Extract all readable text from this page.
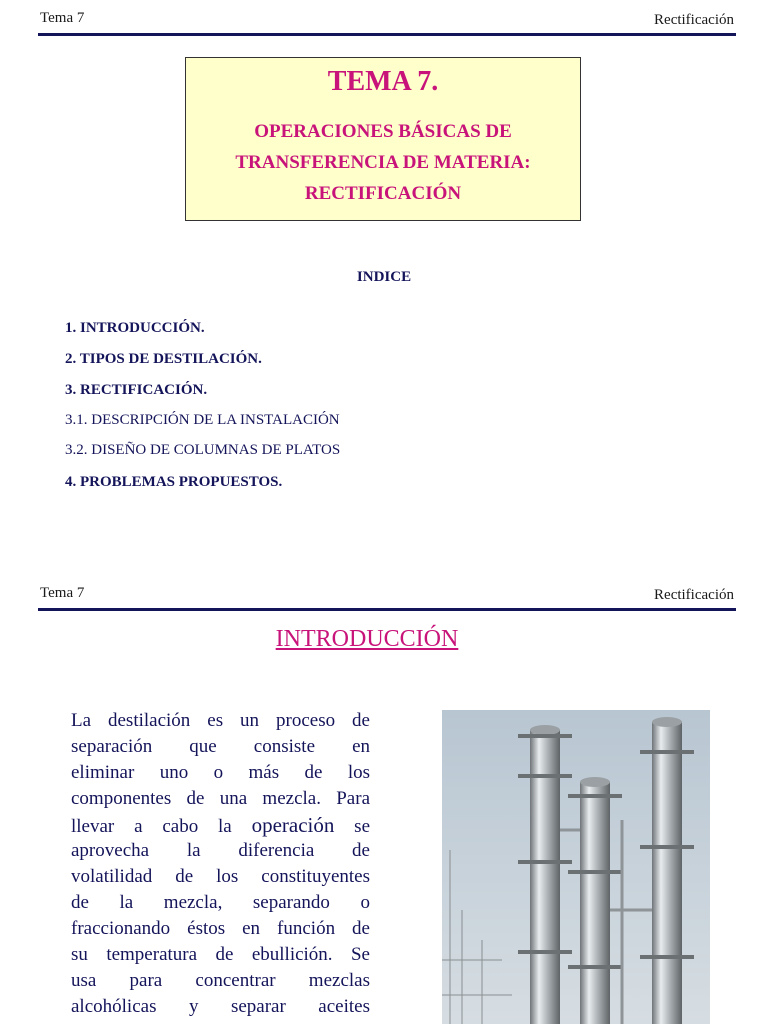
Tema 7	Rectificación
TEMA 7.
OPERACIONES BÁSICAS DE
TRANSFERENCIA DE MATERIA:
RECTIFICACIÓN
INDICE
1. INTRODUCCIÓN.
2. TIPOS DE DESTILACIÓN.
3. RECTIFICACIÓN.
3.1. DESCRIPCIÓN DE LA INSTALACIÓN
3.2. DISEÑO DE COLUMNAS DE PLATOS
4. PROBLEMAS PROPUESTOS.
Tema 7	Rectificación
INTRODUCCIÓN
La destilación es un proceso de
separación que consiste en
eliminar uno o más de los
componentes de una mezcla. Para
llevar a cabo la operación se
aprovecha la diferencia de
volatilidad de los constituyentes
de la mezcla, separando o
fraccionando éstos en función de
su temperatura de ebullición. Se
usa para concentrar mezclas
alcohólicas y separar aceites
